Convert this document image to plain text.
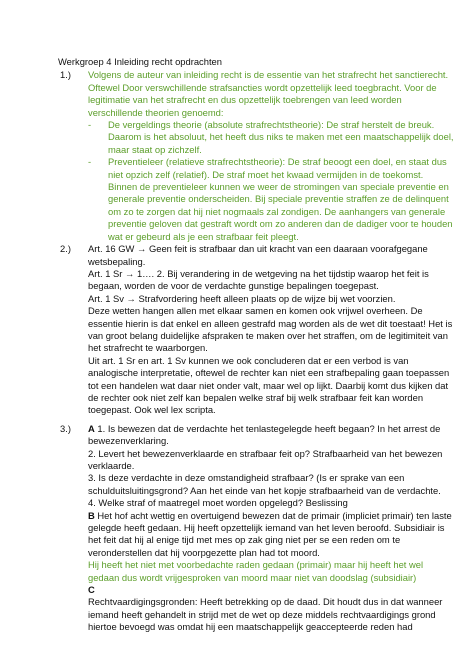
Werkgroep 4 Inleiding recht opdrachten
1.)	Volgens de auteur van inleiding recht is de essentie van het strafrecht het sanctierecht. Oftewel Door verswchillende strafsancties wordt opzettelijk leed toegbracht. Voor de legitimatie van het strafrecht en dus opzettelijk toebrengen van leed worden verschillende theorien genoemd:

-	De vergeldings theorie (absolute strafrechtstheorie): De straf herstelt de breuk. Daarom is het absoluut, het heeft dus niks te maken met een maatschappelijk doel, maar staat op zichzelf.
-	Preventieleer (relatieve strafrechtstheorie): De straf beoogt een doel, en staat dus niet opzich zelf (relatief). De straf moet het kwaad vermijden in de toekomst. Binnen de preventieleer kunnen we weer de stromingen van speciale preventie en generale preventie onderscheiden. Bij speciale preventie straffen ze de delinquent om zo te zorgen dat hij niet nogmaals zal zondigen. De aanhangers van generale preventie geloven dat gestraft wordt om zo anderen dan de dadiger voor te houden wat er gebeurd als je een strafbaar feit pleegt.
2.)	Art. 16 GW → Geen feit is strafbaar dan uit kracht van een daaraan voorafgegane wetsbepaling.

Art. 1 Sr → 1…. 2. Bij verandering in de wetgeving na het tijdstip waarop het feit is begaan, worden de voor de verdachte gunstige bepalingen toegepast.

Art. 1 Sv → Strafvordering heeft alleen plaats op de wijze bij wet voorzien.

Deze wetten hangen allen met elkaar samen en komen ook vrijwel overheen. De essentie hierin is dat enkel en alleen gestrafd mag worden als de wet dit toestaat! Het is van groot belang duidelijke afspraken te maken over het straffen, om de legitimiteit van het strafrecht te waarborgen.

Uit art. 1 Sr en art. 1 Sv kunnen we ook concluderen dat er een verbod is van analogische interpretatie, oftewel de rechter kan niet een strafbepaling gaan toepassen tot een handelen wat daar niet onder valt, maar wel op lijkt. Daarbij komt dus kijken dat de rechter ook niet zelf kan bepalen welke straf bij welk strafbaar feit kan worden toegepast. Ook wel lex scripta.

3.)	A 1. Is bewezen dat de verdachte het tenlastegelegde heeft begaan? In het arrest de bewezenverklaring.

2. Levert het bewezenverklaarde en strafbaar feit op? Strafbaarheid van het bewezen verklaarde.

3. Is deze verdachte in deze omstandigheid strafbaar? (Is er sprake van een schulduitsluitingsgrond? Aan het einde van het kopje strafbaarheid van de verdachte.

4. Welke straf of maatregel moet worden opgelegd? Beslissing

B Het hof acht wettig en overtuigend bewezen dat de primair (impliciet primair) ten laste gelegde heeft gedaan. Hij heeft opzettelijk iemand van het leven beroofd. Subsidiair is het feit dat hij al enige tijd met mes op zak ging niet per se een reden om te veronderstellen dat hij voorpgezette plan had tot moord.

Hij heeft het niet met voorbedachte raden gedaan (primair) maar hij heeft het wel gedaan dus wordt vrijgesproken van moord maar niet van doodslag (subsidiair)

C

Rechtvaardigingsgronden: Heeft betrekking op de daad. Dit houdt dus in dat wanneer iemand heeft gehandelt in strijd met de wet op deze middels rechtvaardigings grond hiertoe bevoegd was omdat hij een maatschappelijk geaccepteerde reden had
